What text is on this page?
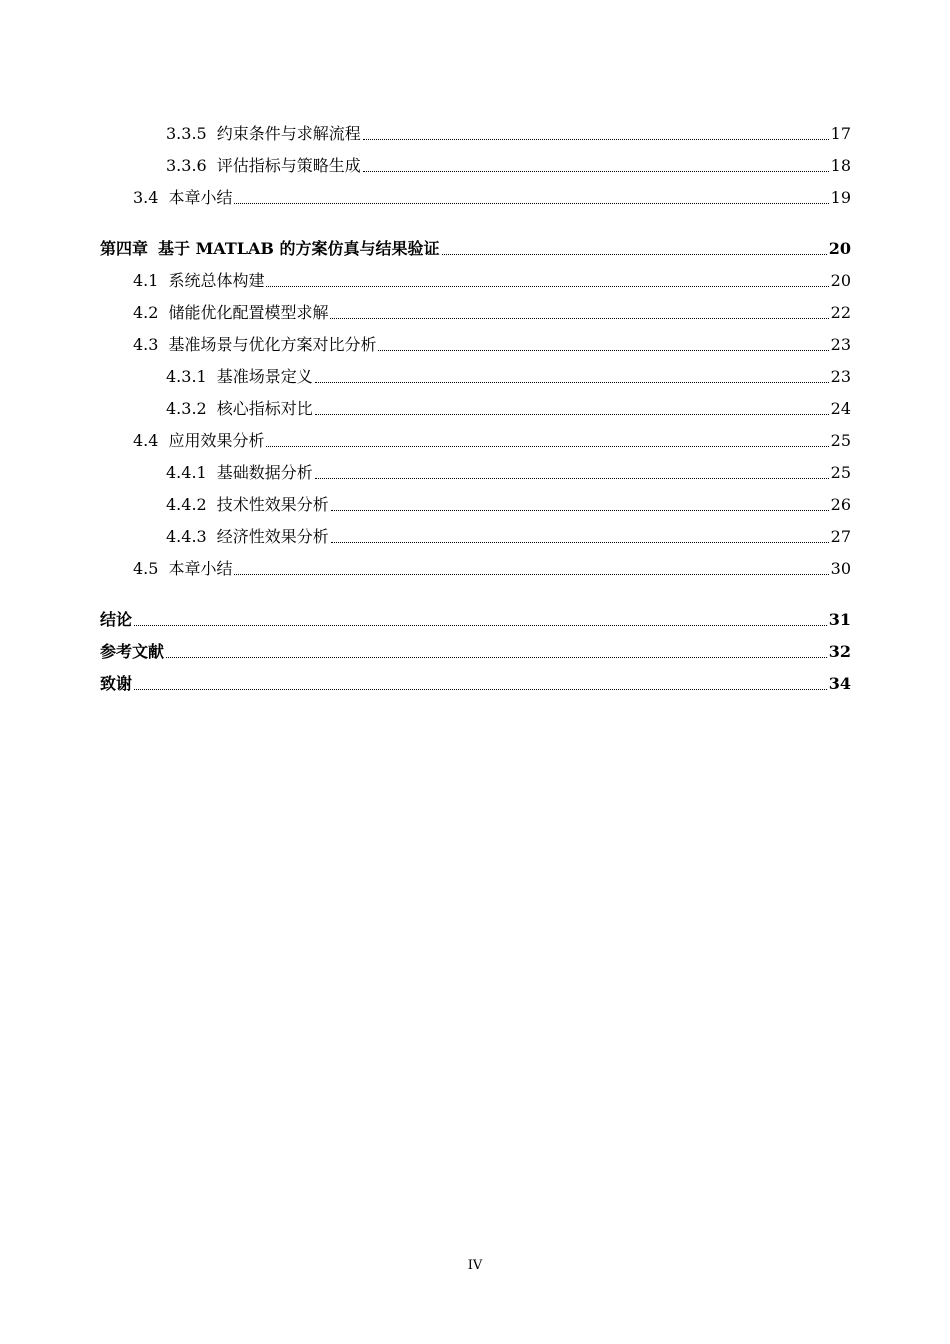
3.3.5 约束条件与求解流程	17
3.3.6 评估指标与策略生成	18
3.4 本章小结	19
第四章 基于 MATLAB 的方案仿真与结果验证	20
4.1 系统总体构建	20
4.2 储能优化配置模型求解	22
4.3 基准场景与优化方案对比分析	23
4.3.1 基准场景定义	23
4.3.2 核心指标对比	24
4.4 应用效果分析	25
4.4.1 基础数据分析	25
4.4.2 技术性效果分析	26
4.4.3 经济性效果分析	27
4.5 本章小结	30
结论	31
参考文献	32
致谢	34
IV
